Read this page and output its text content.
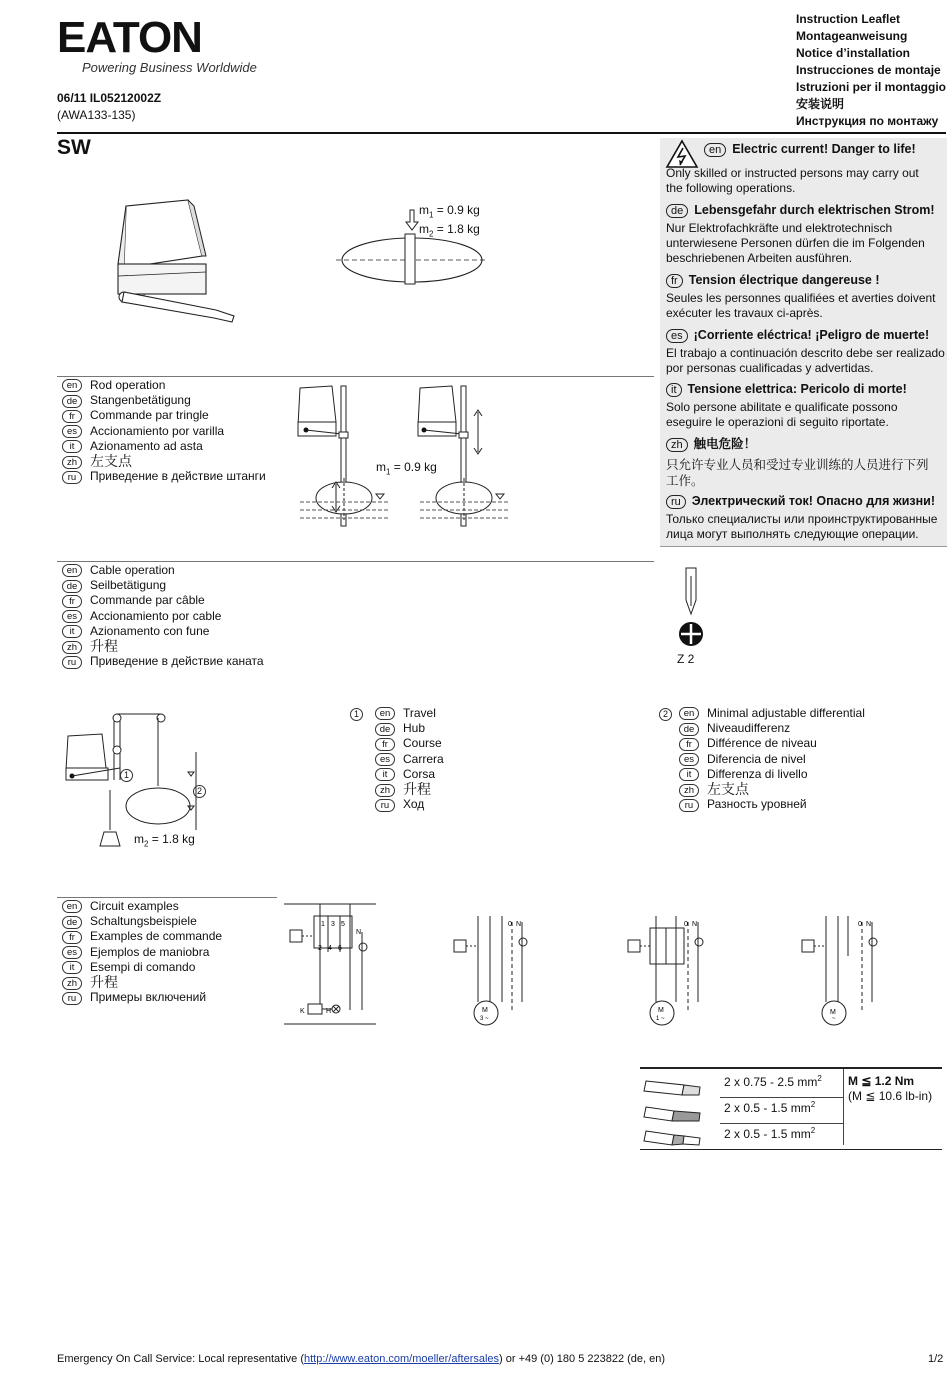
EATON
Powering Business Worldwide
06/11 IL05212002Z
(AWA133-135)
Instruction Leaflet
Montageanweisung
Notice d’installation
Instrucciones de montaje
Istruzioni per il montaggio
安装说明
Инструкция по монтажу
SW	en Electric current! Danger to life!
Only skilled or instructed persons may carry out the following operations.
de Lebensgefahr durch elektrischen Strom!
Nur Elektrofachkräfte und elektrotechnisch unterwiesene Personen dürfen die im Folgenden beschriebenen Arbeiten ausführen.
fr Tension électrique dangereuse !
Seules les personnes qualifiées et averties doivent exécuter les travaux ci-après.
es ¡Corriente eléctrica! ¡Peligro de muerte!
El trabajo a continuación descrito debe ser realizado por personas cualificadas y advertidas.
it Tensione elettrica: Pericolo di morte!
Solo persone abilitate e qualificate possono eseguire le operazioni di seguito riportate.
zh 触电危险！
只允许专业人员和受过专业训练的人员进行下列工作。
ru Электрический ток! Опасно для жизни!
Только специалисты или проинструктированные лица могут выполнять следующие операции.
$m_1 = 0.9$ kg
$m_2 = 1.8$ kg
en Rod operation
de Stangenbetätigung
fr Commande par tringle
es Accionamiento por varilla
it Azionamento ad asta
zh 左支点
ru Приведение в действие штанги
$m_1 = 0.9$ kg
en Cable operation
de Seilbetätigung
fr Commande par câble
es Accionamiento por cable
it Azionamento con fune
zh 升程
ru Приведение в действие каната	Z 2
1
2
$m_2 = 1.8$ kg
1	en Travel
de Hub
fr Course
es Carrera
it Corsa
zh 升程
ru Ход
2	en Minimal adjustable differential
de Niveaudifferenz
fr Différence de niveau
es Diferencia de nivel
it Differenza di livello
zh 左支点
ru Разность уровней
en Circuit examples
de Schaltungsbeispiele
fr Examples de commande
es Ejemplos de maniobra
it Esempi di comando
zh 升程
ru Примеры включений
1 3 5
2 4 6
N
K	H	M
3 ~
0 N
M
1 ~
0 N
M
~
0 N
2 x 0.75 - 2.5 $mm^2$
2 x 0.5 - 1.5 $mm^2$
2 x 0.5 - 1.5 $mm^2$
M ≦ 1.2 Nm
(M ≦ 10.6 lb-in)
Emergency On Call Service: Local representative (http://www.eaton.com/moeller/aftersales) or +49 (0) 180 5 223822 (de, en)	1/2
